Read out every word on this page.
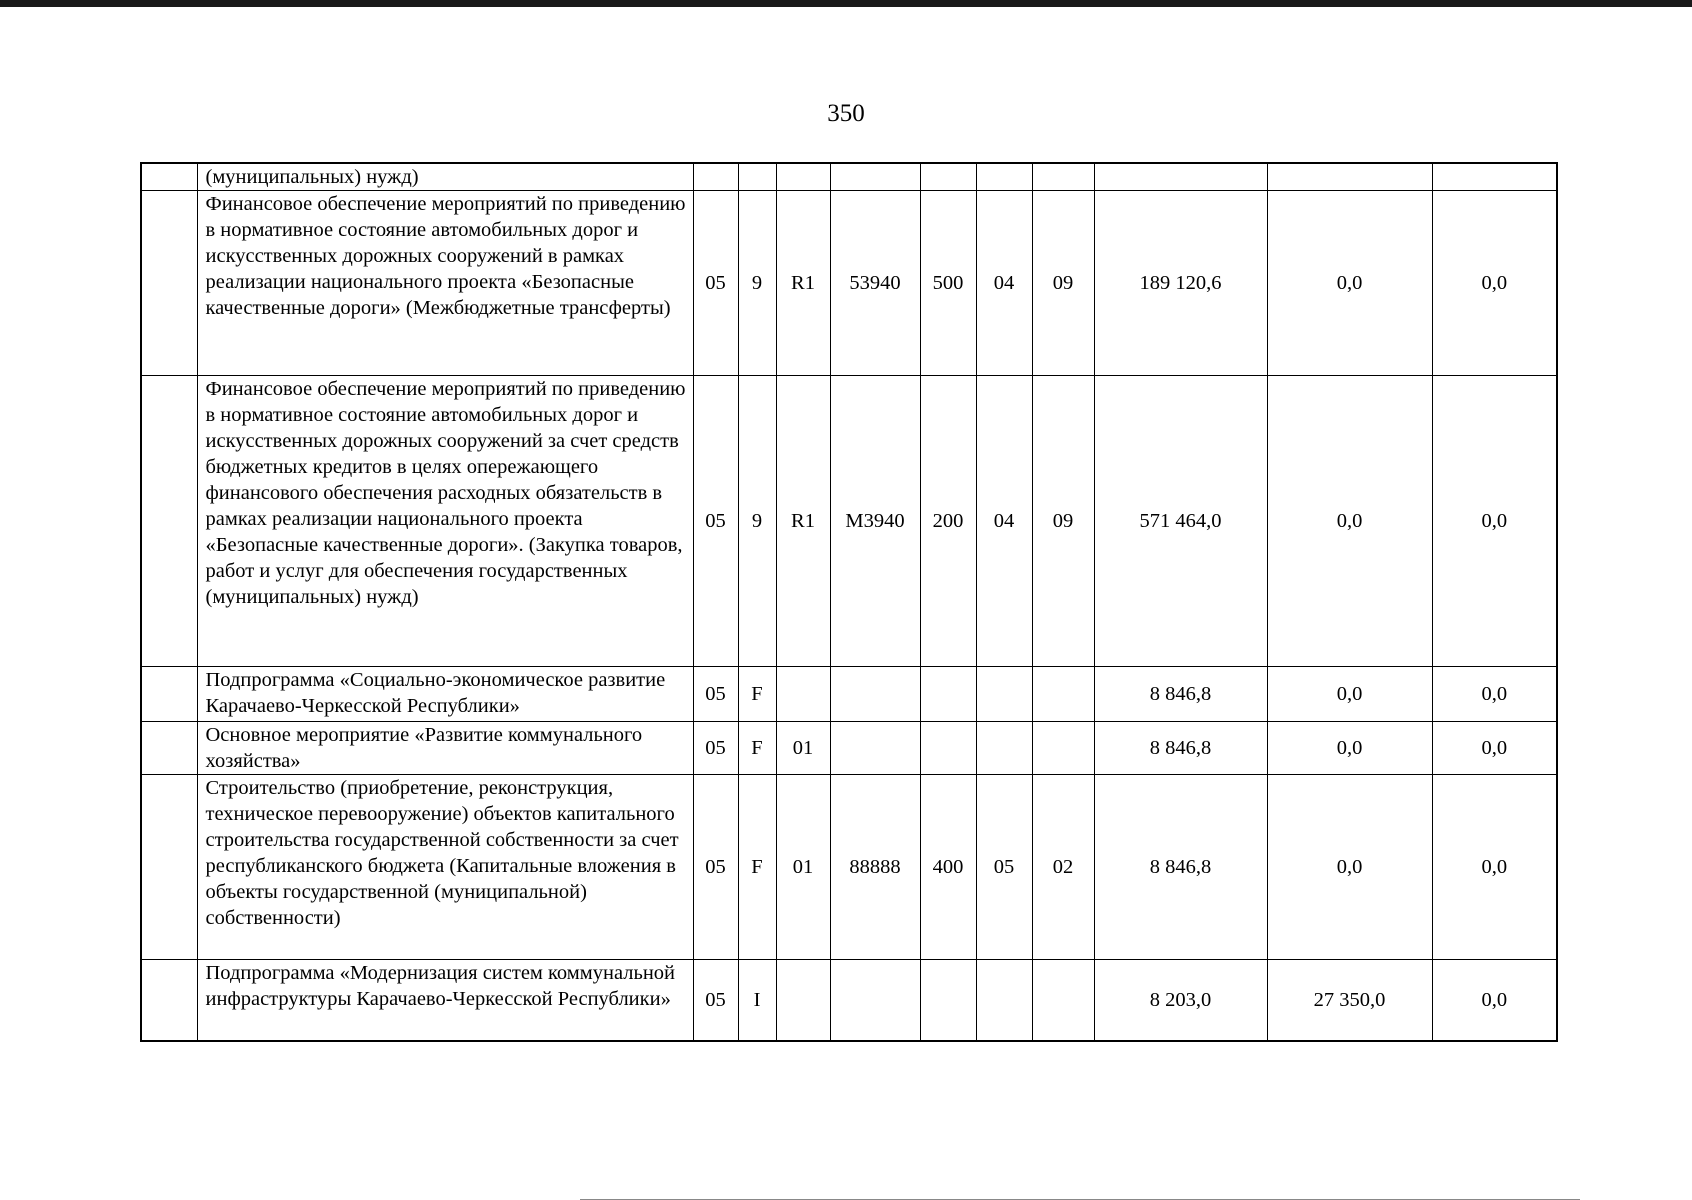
350
	(муниципальных) нужд)										
	Финансовое обеспечение мероприятий по приведению в нормативное состояние автомобильных дорог и искусственных дорожных сооружений в рамках реализации национального проекта «Безопасные качественные дороги» (Межбюджетные трансферты)	05	9	R1	53940	500	04	09	189 120,6	0,0	0,0
	Финансовое обеспечение мероприятий по приведению в нормативное состояние автомобильных дорог и искусственных дорожных сооружений за счет средств бюджетных кредитов в целях опережающего финансового обеспечения расходных обязательств в рамках реализации национального проекта «Безопасные качественные дороги». (Закупка товаров, работ и услуг для обеспечения государственных (муниципальных) нужд)	05	9	R1	M3940	200	04	09	571 464,0	0,0	0,0
	Подпрограмма «Социально-экономическое развитие Карачаево-Черкесской Республики»	05	F						8 846,8	0,0	0,0
	Основное мероприятие «Развитие коммунального хозяйства»	05	F	01					8 846,8	0,0	0,0
	Строительство (приобретение, реконструкция, техническое перевооружение) объектов капитального строительства государственной собственности за счет республиканского бюджета (Капитальные вложения в объекты государственной (муниципальной) собственности)	05	F	01	88888	400	05	02	8 846,8	0,0	0,0
	Подпрограмма «Модернизация систем коммунальной инфраструктуры Карачаево-Черкесской Республики»	05	I						8 203,0	27 350,0	0,0
